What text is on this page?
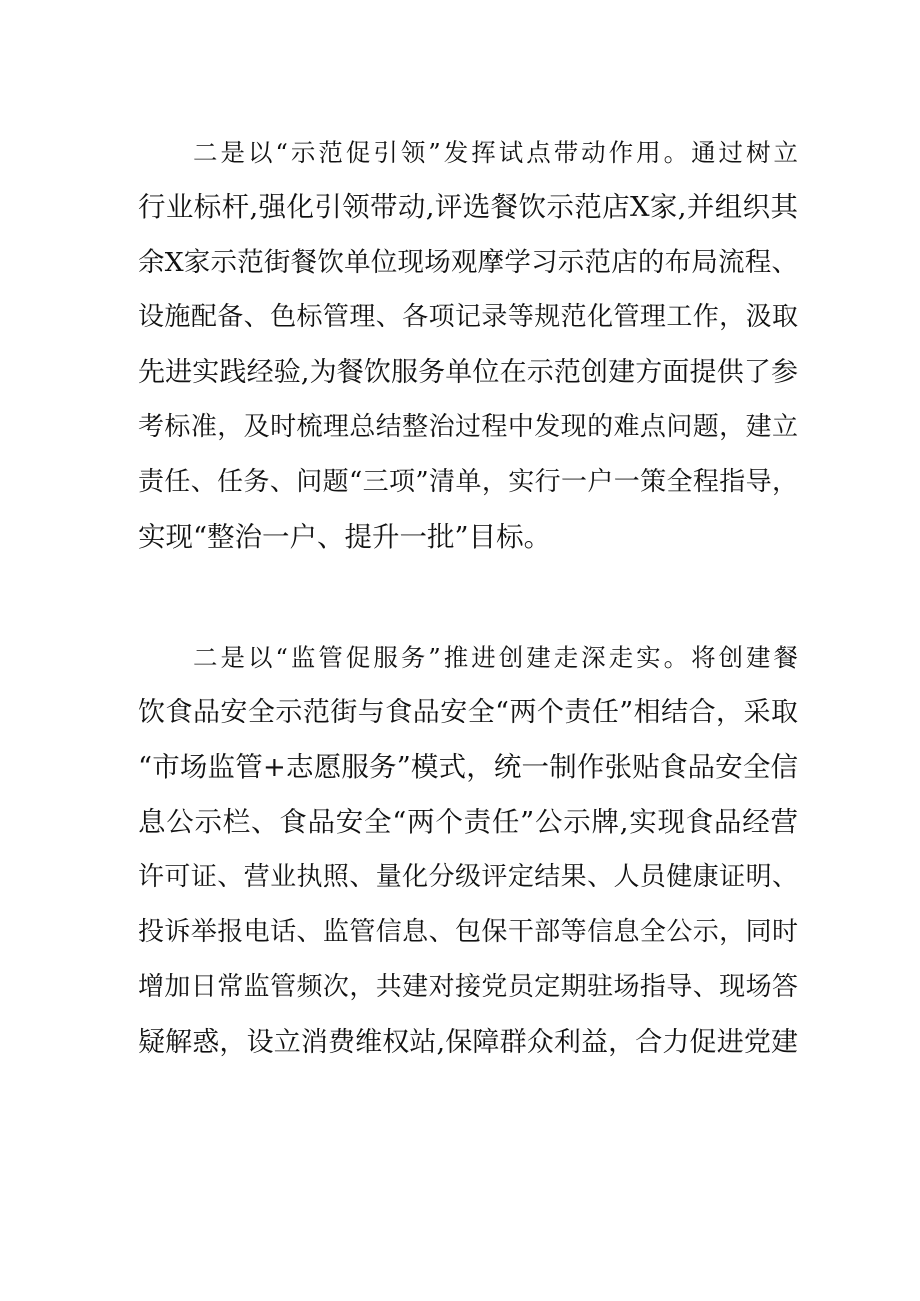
二是以“示范促引领”发挥试点带动作用。通过树立
行业标杆,强化引领带动,评选餐饮示范店X家,并组织其
余X家示范街餐饮单位现场观摩学习示范店的布局流程、
设施配备、色标管理、各项记录等规范化管理工作，汲取
先进实践经验,为餐饮服务单位在示范创建方面提供了参
考标准，及时梳理总结整治过程中发现的难点问题，建立
责任、任务、问题“三项”清单，实行一户一策全程指导，
实现“整治一户、提升一批”目标。
二是以“监管促服务”推进创建走深走实。将创建餐
饮食品安全示范街与食品安全“两个责任”相结合，采取
“市场监管+志愿服务”模式，统一制作张贴食品安全信
息公示栏、食品安全“两个责任”公示牌,实现食品经营
许可证、营业执照、量化分级评定结果、人员健康证明、
投诉举报电话、监管信息、包保干部等信息全公示，同时
增加日常监管频次，共建对接党员定期驻场指导、现场答
疑解惑，设立消费维权站,保障群众利益，合力促进党建
